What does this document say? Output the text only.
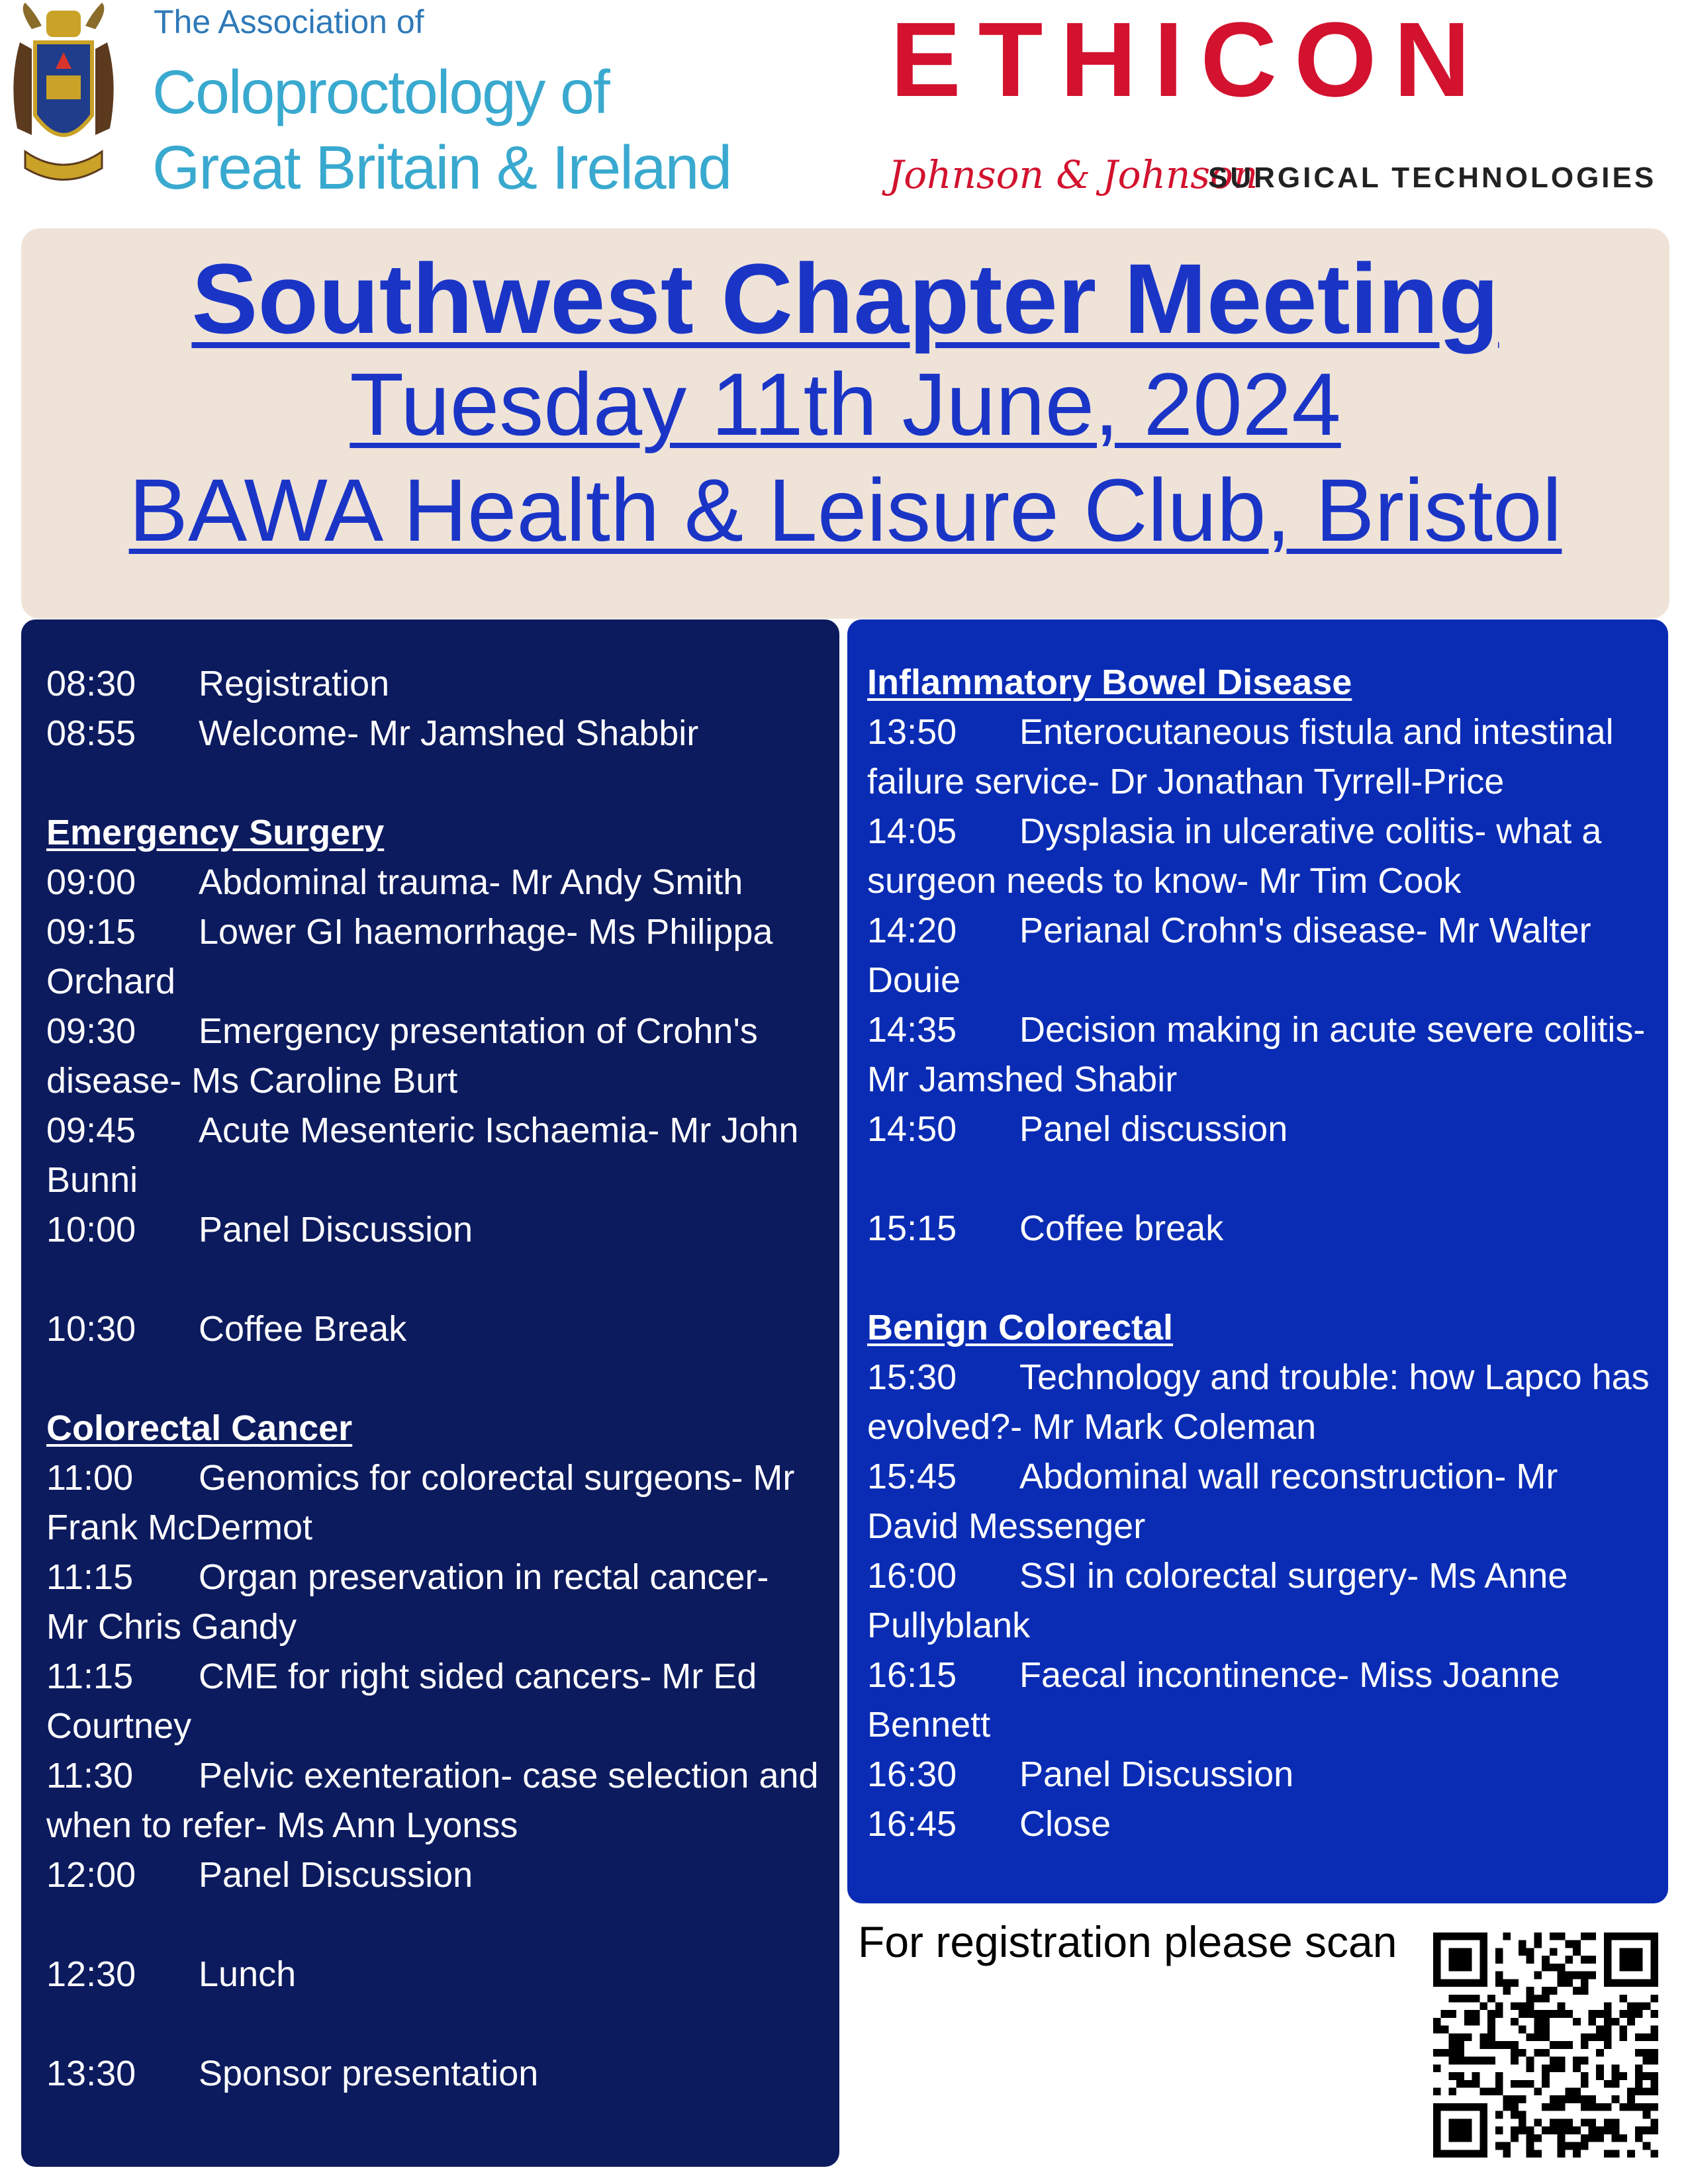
The Association of
Coloproctology of
Great Britain & Ireland
ETHICON
Johnson & Johnson
SURGICAL TECHNOLOGIES
Southwest Chapter Meeting
Tuesday 11th June, 2024
BAWA Health & Leisure Club, Bristol
08:30 Registration
08:55 Welcome- Mr Jamshed Shabbir
Emergency Surgery
09:00 Abdominal trauma- Mr Andy Smith
09:15 Lower GI haemorrhage- Ms Philippa Orchard
09:30 Emergency presentation of Crohn's disease- Ms Caroline Burt
09:45 Acute Mesenteric Ischaemia- Mr John Bunni
10:00 Panel Discussion
10:30 Coffee Break
Colorectal Cancer
11:00 Genomics for colorectal surgeons- Mr Frank McDermot
11:15 Organ preservation in rectal cancer- Mr Chris Gandy
11:15 CME for right sided cancers- Mr Ed Courtney
11:30 Pelvic exenteration- case selection and when to refer- Ms Ann Lyonss
12:00 Panel Discussion
12:30 Lunch
13:30 Sponsor presentation
Inflammatory Bowel Disease
13:50 Enterocutaneous fistula and intestinal failure service- Dr Jonathan Tyrrell-Price
14:05 Dysplasia in ulcerative colitis- what a surgeon needs to know- Mr Tim Cook
14:20 Perianal Crohn's disease- Mr Walter Douie
14:35 Decision making in acute severe colitis- Mr Jamshed Shabir
14:50 Panel discussion
15:15 Coffee break
Benign Colorectal
15:30 Technology and trouble: how Lapco has evolved?- Mr Mark Coleman
15:45 Abdominal wall reconstruction- Mr David Messenger
16:00 SSI in colorectal surgery- Ms Anne Pullyblank
16:15 Faecal incontinence- Miss Joanne Bennett
16:30 Panel Discussion
16:45 Close
For registration please scan
